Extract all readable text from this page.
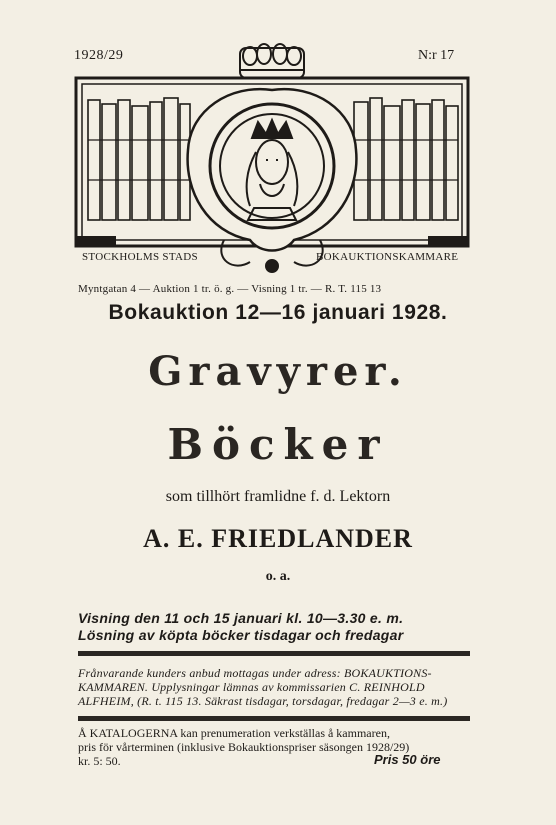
1928/29	N:r 17
STOCKHOLMS STADS	BOKAUKTIONSKAMMARE
Myntgatan 4 — Auktion 1 tr. ö. g. — Visning 1 tr. — R. T. 115 13
Bokauktion 12—16 januari 1928.
Gravyrer.
Böcker
som tillhört framlidne f. d. Lektorn
A. E. FRIEDLANDER
o. a.
Visning den 11 och 15 januari kl. 10—3.30 e. m.
Lösning av köpta böcker tisdagar och fredagar
Frånvarande kunders anbud mottagas under adress: BOKAUKTIONS-
KAMMAREN. Upplysningar lämnas av kommissarien C. REINHOLD
ALFHEIM, (R. t. 115 13. Säkrast tisdagar, torsdagar, fredagar 2—3 e. m.)
Å KATALOGERNA kan prenumeration verkställas å kammaren,
pris för vårterminen (inklusive Bokauktionspriser säsongen 1928/29)
kr. 5: 50.	Pris 50 öre
